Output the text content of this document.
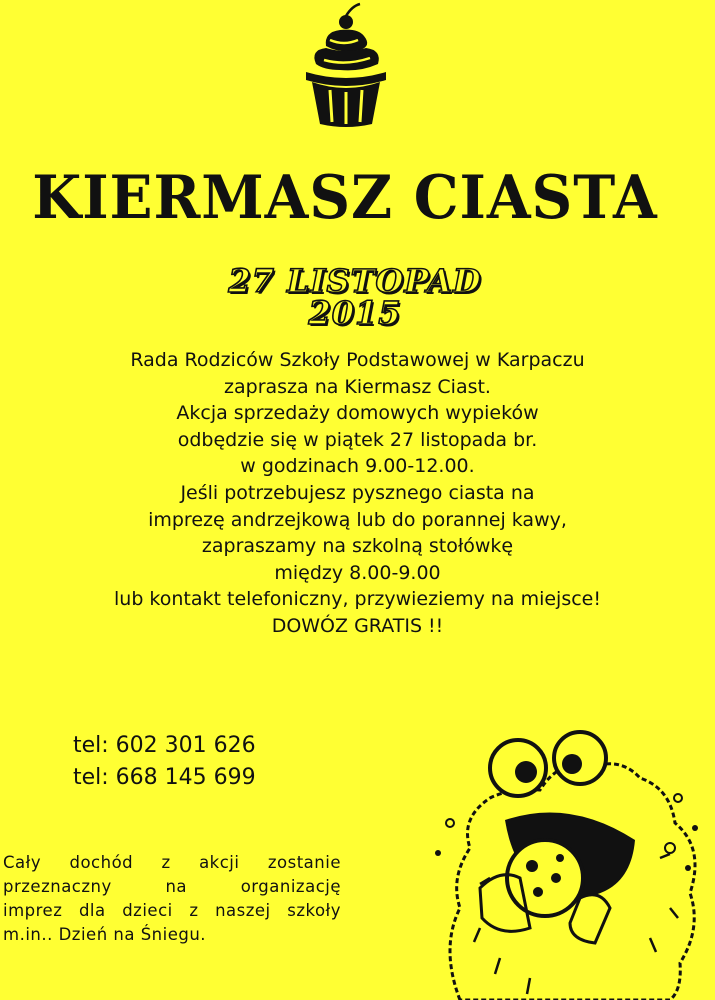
KIERMASZ CIASTA
27 LISTOPAD 2015
Rada Rodziców Szkoły Podstawowej w Karpaczu
zaprasza na Kiermasz Ciast.
Akcja sprzedaży domowych wypieków
odbędzie się w piątek 27 listopada br.
w godzinach 9.00-12.00.
Jeśli potrzebujesz pysznego ciasta na
imprezę andrzejkową lub do porannej kawy,
zapraszamy na szkolną stołówkę
między 8.00-9.00
lub kontakt telefoniczny, przywieziemy na miejsce!
DOWÓZ GRATIS !!
tel: 602 301 626
tel: 668 145 699
Cały dochód z akcji zostanie
przeznaczny na organizację
imprez dla dzieci z naszej szkoły
m.in.. Dzień na Śniegu.
